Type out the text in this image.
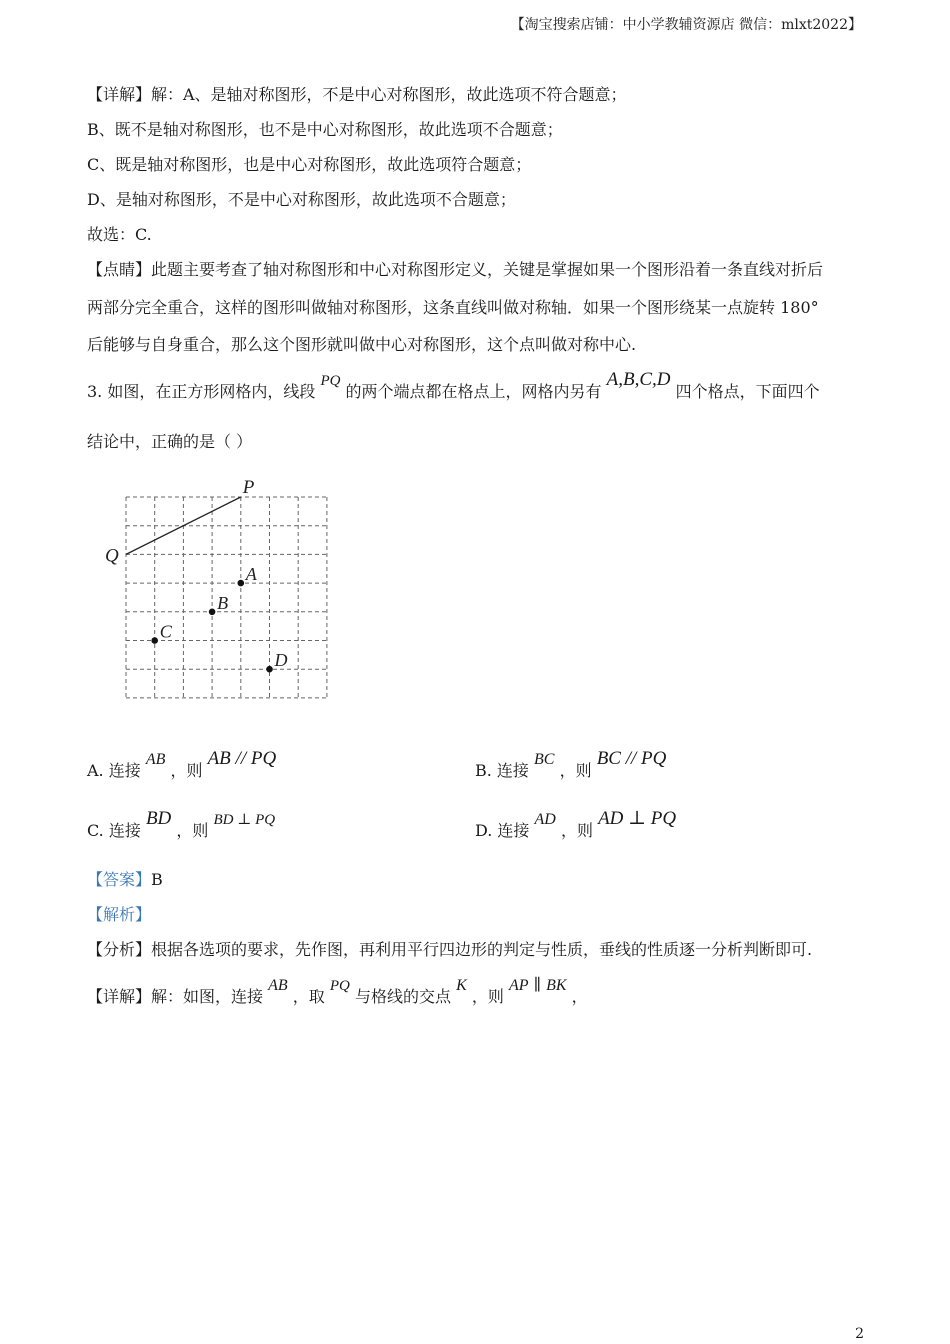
【淘宝搜索店铺：中小学教辅资源店 微信：mlxt2022】
【详解】解：A、是轴对称图形，不是中心对称图形，故此选项不符合题意；
B、既不是轴对称图形，也不是中心对称图形，故此选项不合题意；
C、既是轴对称图形，也是中心对称图形，故此选项符合题意；
D、是轴对称图形，不是中心对称图形，故此选项不合题意；
故选：C.
【点睛】此题主要考查了轴对称图形和中心对称图形定义，关键是掌握如果一个图形沿着一条直线对折后
两部分完全重合，这样的图形叫做轴对称图形，这条直线叫做对称轴．如果一个图形绕某一点旋转 180°
后能够与自身重合，那么这个图形就叫做中心对称图形，这个点叫做对称中心.
3. 如图，在正方形网格内，线段 PQ 的两个端点都在格点上，网格内另有 A,B,C,D 四个格点，下面四个
结论中，正确的是（ ）
P
Q
A
B
C
D
A. 连接 AB ，则 AB // PQ
B. 连接 BC ，则 BC // PQ
C. 连接 BD ，则 BD ⊥ PQ
D. 连接 AD ，则 AD ⊥ PQ
【答案】B
【解析】
【分析】根据各选项的要求，先作图，再利用平行四边形的判定与性质，垂线的性质逐一分析判断即可.
【详解】解：如图，连接 AB ，取 PQ 与格线的交点 K ，则 AP ∥ BK ，
2
